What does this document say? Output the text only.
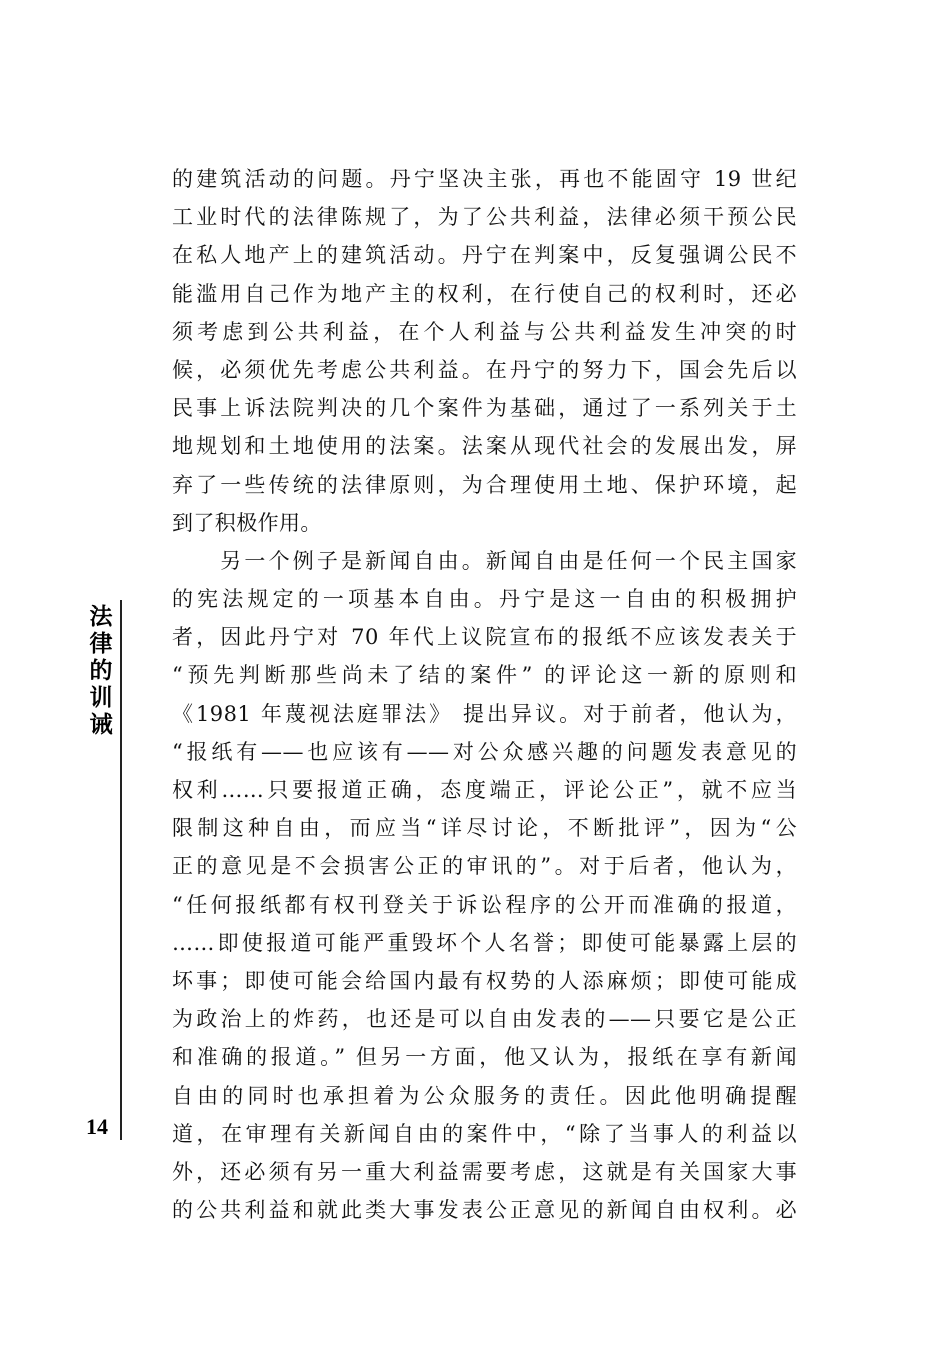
的建筑活动的问题。丹宁坚决主张，再也不能固守 19 世纪
工业时代的法律陈规了，为了公共利益，法律必须干预公民
在私人地产上的建筑活动。丹宁在判案中，反复强调公民不
能滥用自己作为地产主的权利，在行使自己的权利时，还必
须考虑到公共利益，在个人利益与公共利益发生冲突的时
候，必须优先考虑公共利益。在丹宁的努力下，国会先后以
民事上诉法院判决的几个案件为基础，通过了一系列关于土
地规划和土地使用的法案。法案从现代社会的发展出发，屏
弃了一些传统的法律原则，为合理使用土地、保护环境，起
到了积极作用。
　　另一个例子是新闻自由。新闻自由是任何一个民主国家
的宪法规定的一项基本自由。丹宁是这一自由的积极拥护
者，因此丹宁对 70 年代上议院宣布的报纸不应该发表关于
“预先判断那些尚未了结的案件” 的评论这一新的原则和
《1981 年蔑视法庭罪法》 提出异议。对于前者，他认为，
“报纸有——也应该有——对公众感兴趣的问题发表意见的
权利……只要报道正确，态度端正，评论公正”，就不应当
限制这种自由，而应当“详尽讨论，不断批评”，因为“公
正的意见是不会损害公正的审讯的”。对于后者，他认为，
“任何报纸都有权刊登关于诉讼程序的公开而准确的报道，
……即使报道可能严重毁坏个人名誉；即使可能暴露上层的
坏事；即使可能会给国内最有权势的人添麻烦；即使可能成
为政治上的炸药，也还是可以自由发表的——只要它是公正
和准确的报道。” 但另一方面，他又认为，报纸在享有新闻
自由的同时也承担着为公众服务的责任。因此他明确提醒
道，在审理有关新闻自由的案件中，“除了当事人的利益以
外，还必须有另一重大利益需要考虑，这就是有关国家大事
的公共利益和就此类大事发表公正意见的新闻自由权利。必
法
律
的
训
诫
14
